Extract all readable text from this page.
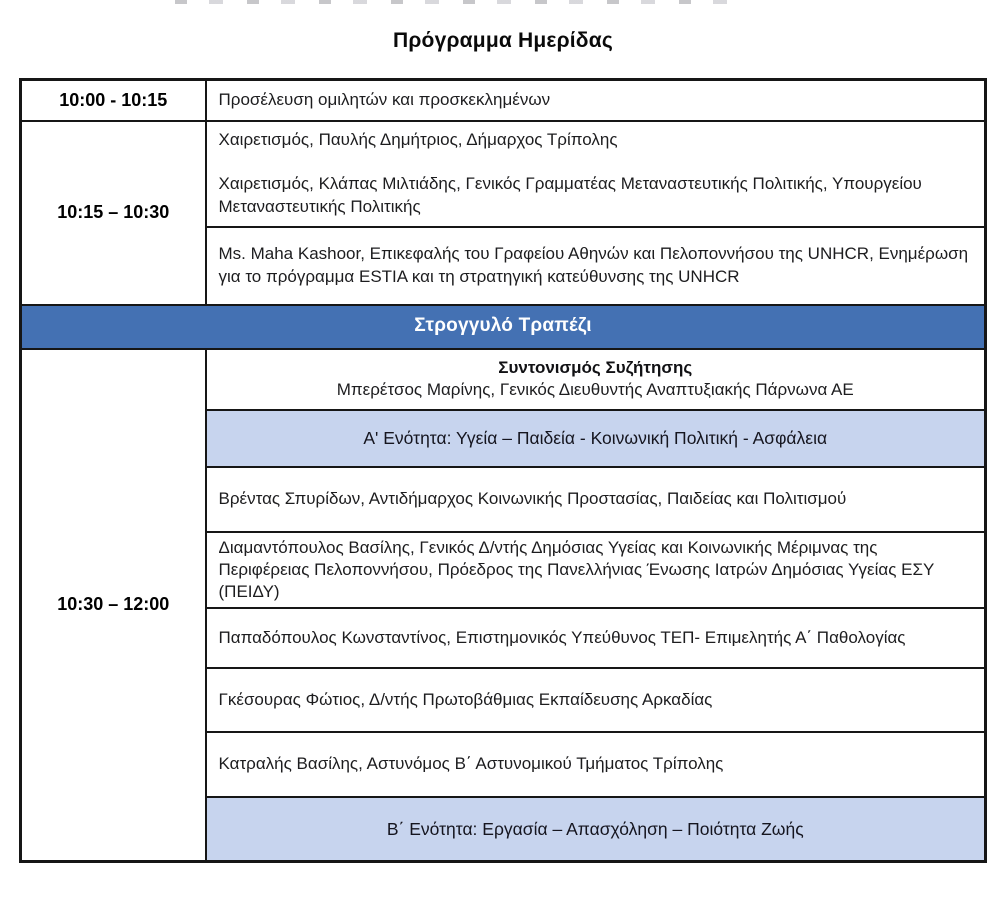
Πρόγραμμα Ημερίδας
10:00 - 10:15	Προσέλευση ομιλητών και προσκεκλημένων
10:15 – 10:30	Χαιρετισμός, Παυλής Δημήτριος, Δήμαρχος Τρίπολης
Χαιρετισμός, Κλάπας Μιλτιάδης, Γενικός Γραμματέας Μεταναστευτικής Πολιτικής, Υπουργείου Μεταναστευτικής Πολιτικής

	Ms. Maha Kashoor, Επικεφαλής του Γραφείου Αθηνών και Πελοποννήσου της UNHCR, Ενημέρωση για το πρόγραμμα ESTIA και τη στρατηγική κατεύθυνσης της UNHCR
Στρογγυλό Τραπέζι	
10:30 – 12:00	Συντονισμός Συζήτησης
Μπερέτσος Μαρίνης, Γενικός Διευθυντής Αναπτυξιακής Πάρνωνα ΑΕ

	Α' Ενότητα: Υγεία – Παιδεία - Κοινωνική Πολιτική - Ασφάλεια
	Βρέντας Σπυρίδων, Αντιδήμαρχος Κοινωνικής Προστασίας, Παιδείας και Πολιτισμού
	Διαμαντόπουλος Βασίλης, Γενικός Δ/ντής Δημόσιας Υγείας και Κοινωνικής Μέριμνας της Περιφέρειας Πελοποννήσου, Πρόεδρος της Πανελλήνιας Ένωσης Ιατρών Δημόσιας Υγείας ΕΣΥ (ΠΕΙΔΥ)
	Παπαδόπουλος Κωνσταντίνος, Επιστημονικός Υπεύθυνος ΤΕΠ- Επιμελητής Α΄ Παθολογίας
	Γκέσουρας Φώτιος, Δ/ντής Πρωτοβάθμιας Εκπαίδευσης Αρκαδίας
	Κατραλής Βασίλης, Αστυνόμος Β΄ Αστυνομικού Τμήματος Τρίπολης
	Β΄ Ενότητα: Εργασία – Απασχόληση – Ποιότητα Ζωής
